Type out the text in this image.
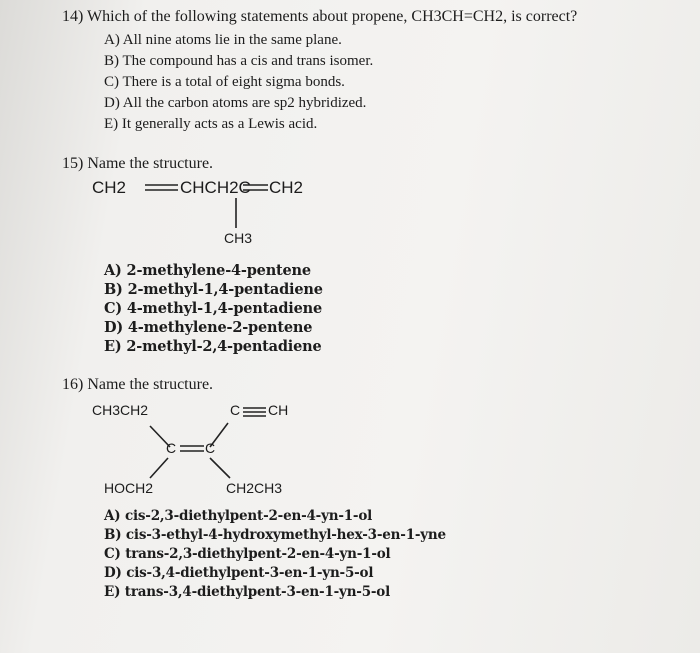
14) Which of the following statements about propene, CH3CH=CH2, is correct?
A) All nine atoms lie in the same plane.
B) The compound has a cis and trans isomer.
C) There is a total of eight sigma bonds.
D) All the carbon atoms are sp2 hybridized.
E) It generally acts as a Lewis acid.
15) Name the structure.
CH2	CHCH2C CH2
CH3
A) 2-methylene-4-pentene
B) 2-methyl-1,4-pentadiene
C) 4-methyl-1,4-pentadiene
D) 4-methylene-2-pentene
E) 2-methyl-2,4-pentadiene
16) Name the structure.
CH3CH2	C CH
C C
HOCH2	CH2CH3
A) cis-2,3-diethylpent-2-en-4-yn-1-ol
B) cis-3-ethyl-4-hydroxymethyl-hex-3-en-1-yne
C) trans-2,3-diethylpent-2-en-4-yn-1-ol
D) cis-3,4-diethylpent-3-en-1-yn-5-ol
E) trans-3,4-diethylpent-3-en-1-yn-5-ol
